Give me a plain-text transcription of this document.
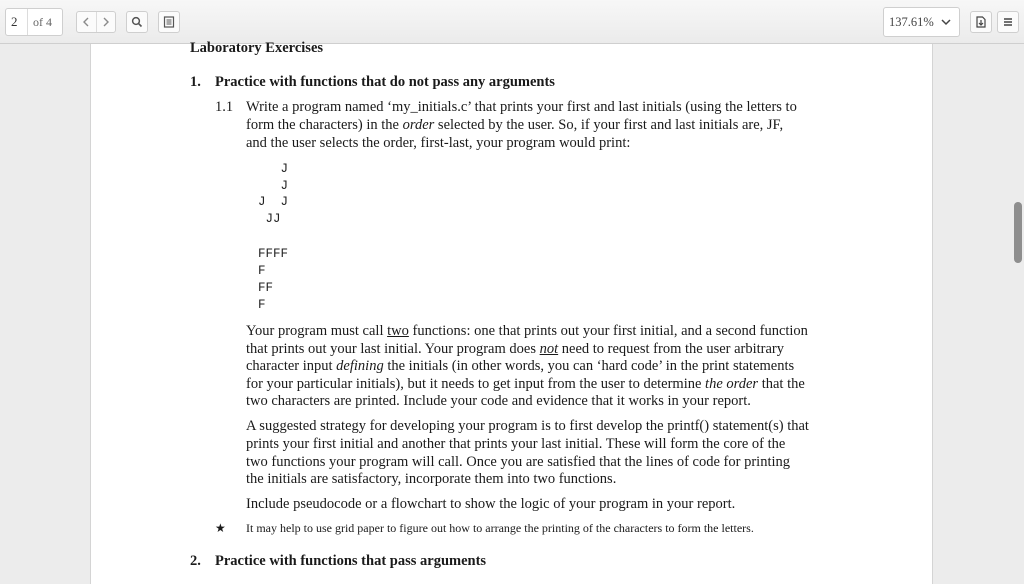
2	of 4	137.61%
Laboratory Exercises
1. Practice with functions that do not pass any arguments
1.1 Write a program named ‘my_initials.c’ that prints your first and last initials (using the letters to
form the characters) in the order selected by the user. So, if your first and last initials are, JF,
and the user selects the order, first-last, your program would print:
J
J
J  J
JJ
FFFF
F
FF
F
Your program must call two functions: one that prints out your first initial, and a second function
that prints out your last initial. Your program does not need to request from the user arbitrary
character input defining the initials (in other words, you can ‘hard code’ in the print statements
for your particular initials), but it needs to get input from the user to determine the order that the
two characters are printed. Include your code and evidence that it works in your report.
A suggested strategy for developing your program is to first develop the printf() statement(s) that
prints your first initial and another that prints your last initial. These will form the core of the
two functions your program will call. Once you are satisfied that the lines of code for printing
the initials are satisfactory, incorporate them into two functions.
Include pseudocode or a flowchart to show the logic of your program in your report.
★ It may help to use grid paper to figure out how to arrange the printing of the characters to form the letters.
2. Practice with functions that pass arguments
